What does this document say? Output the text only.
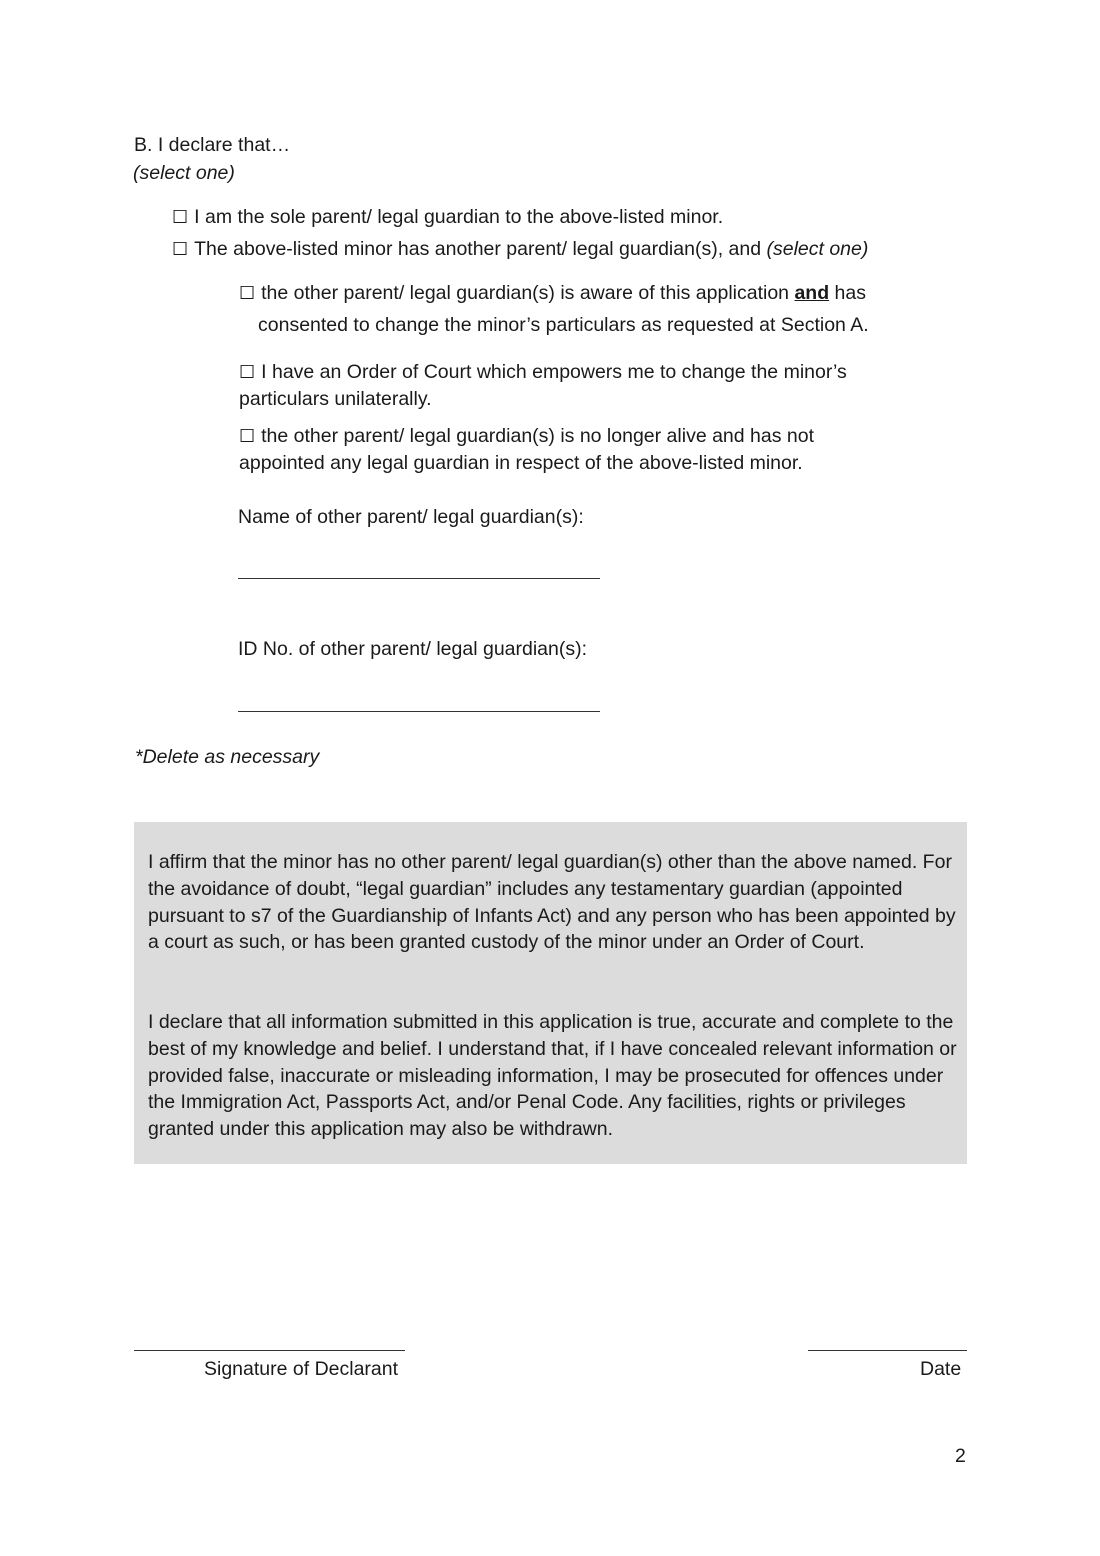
B. I declare that…
(select one)
☐ I am the sole parent/ legal guardian to the above-listed minor.
☐ The above-listed minor has another parent/ legal guardian(s), and (select one)
☐ the other parent/ legal guardian(s) is aware of this application and has
consented to change the minor’s particulars as requested at Section A.
☐ I have an Order of Court which empowers me to change the minor’s
particulars unilaterally.
☐ the other parent/ legal guardian(s) is no longer alive and has not
appointed any legal guardian in respect of the above-listed minor.
Name of other parent/ legal guardian(s):
ID No. of other parent/ legal guardian(s):
*Delete as necessary

I affirm that the minor has no other parent/ legal guardian(s) other than the above named. For the avoidance of doubt, “legal guardian” includes any testamentary guardian (appointed pursuant to s7 of the Guardianship of Infants Act) and any person who has been appointed by a court as such, or has been granted custody of the minor under an Order of Court.

I declare that all information submitted in this application is true, accurate and complete to the best of my knowledge and belief. I understand that, if I have concealed relevant information or provided false, inaccurate or misleading information, I may be prosecuted for offences under the Immigration Act, Passports Act, and/or Penal Code. Any facilities, rights or privileges granted under this application may also be withdrawn.

Signature of Declarant	Date
2
